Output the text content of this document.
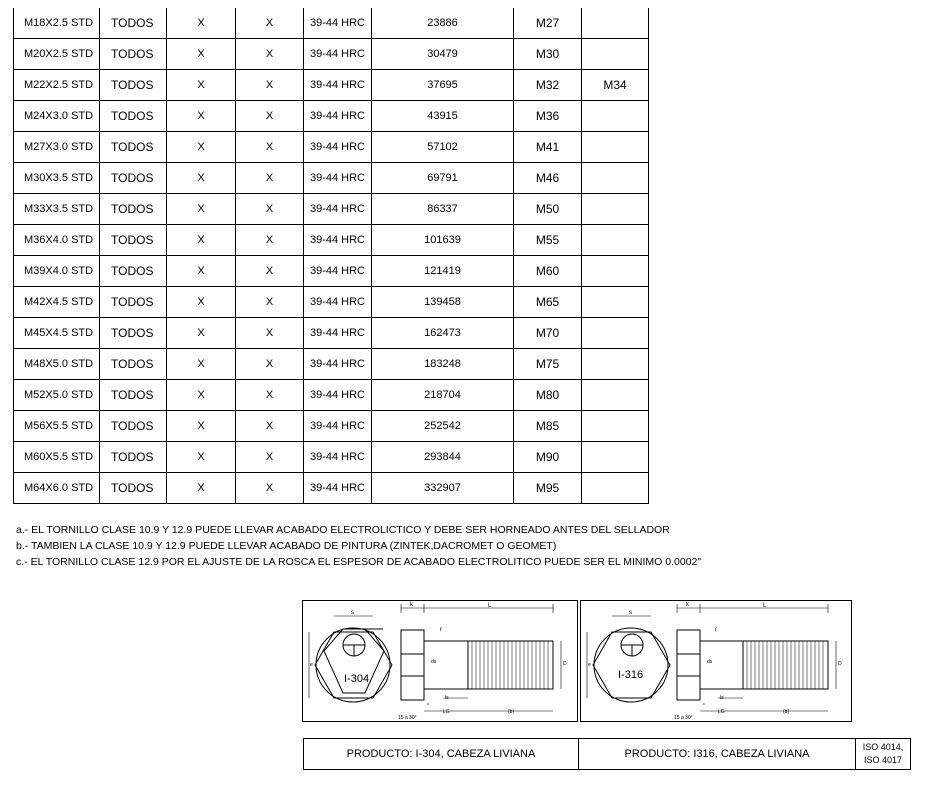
M18X2.5 STD	TODOS	X	X	39-44 HRC	23886	M27	
M20X2.5 STD	TODOS	X	X	39-44 HRC	30479	M30	
M22X2.5 STD	TODOS	X	X	39-44 HRC	37695	M32	M34
M24X3.0 STD	TODOS	X	X	39-44 HRC	43915	M36	
M27X3.0 STD	TODOS	X	X	39-44 HRC	57102	M41	
M30X3.5 STD	TODOS	X	X	39-44 HRC	69791	M46	
M33X3.5 STD	TODOS	X	X	39-44 HRC	86337	M50	
M36X4.0 STD	TODOS	X	X	39-44 HRC	101639	M55	
M39X4.0 STD	TODOS	X	X	39-44 HRC	121419	M60	
M42X4.5 STD	TODOS	X	X	39-44 HRC	139458	M65	
M45X4.5 STD	TODOS	X	X	39-44 HRC	162473	M70	
M48X5.0 STD	TODOS	X	X	39-44 HRC	183248	M75	
M52X5.0 STD	TODOS	X	X	39-44 HRC	218704	M80	
M56X5.5 STD	TODOS	X	X	39-44 HRC	252542	M85	
M60X5.5 STD	TODOS	X	X	39-44 HRC	293844	M90	
M64X6.0 STD	TODOS	X	X	39-44 HRC	332907	M95	
a.- EL TORNILLO CLASE 10.9 Y 12.9 PUEDE LLEVAR ACABADO ELECTROLICTICO Y DEBE SER HORNEADO ANTES DEL SELLADOR
b.- TAMBIEN LA CLASE 10.9 Y 12.9 PUEDE LLEVAR ACABADO DE PINTURA (ZINTEK,DACROMET O GEOMET)
c.- EL TORNILLO CLASE 12.9 POR EL AJUSTE DE LA ROSCA EL ESPESOR DE ACABADO ELECTROLITICO PUEDE SER EL MINIMO 0.0002"
I-304
s
k	L
r
e	ds	D
ls
LG	(b)
c
15 a 30°
I-316
s
k	L
r
e	ds	D
ls
LG	(b)
c
15 a 30°
PRODUCTO: I-304, CABEZA LIVIANA	PRODUCTO: I316, CABEZA LIVIANA	
ISO 4014,
ISO 4017
